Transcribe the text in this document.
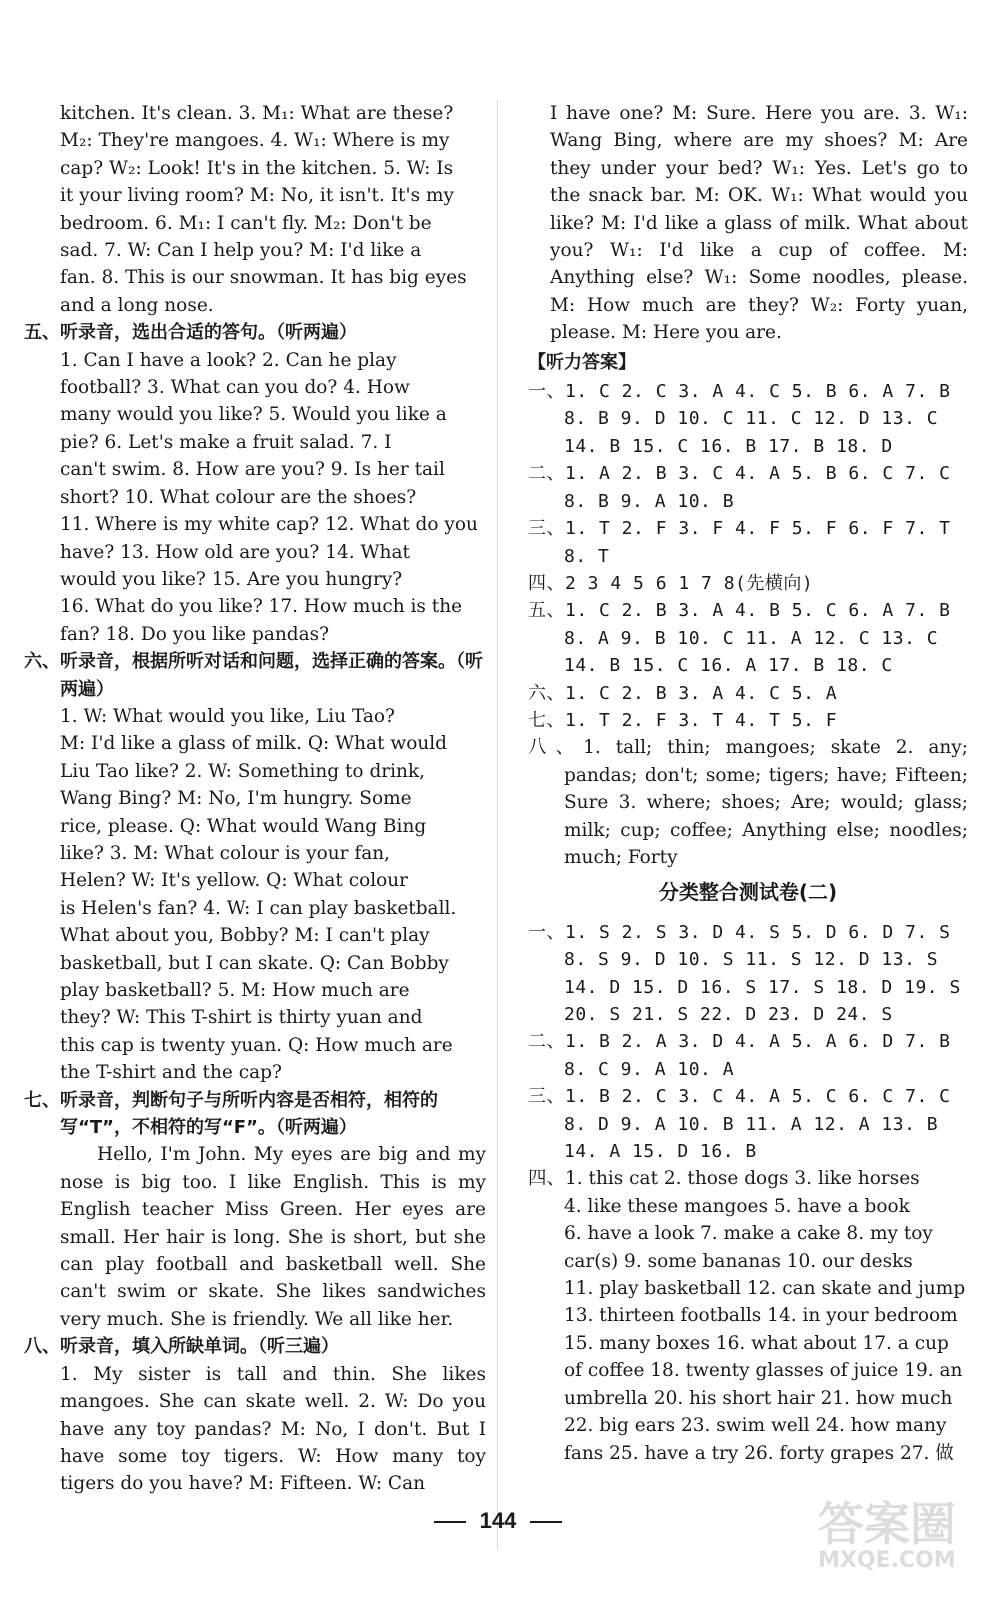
kitchen. It's clean. 3. M₁: What are these?

M₂: They're mangoes. 4. W₁: Where is my

cap? W₂: Look! It's in the kitchen. 5. W: Is

it your living room? M: No, it isn't. It's my

bedroom. 6. M₁: I can't fly. M₂: Don't be

sad. 7. W: Can I help you? M: I'd like a

fan. 8. This is our snowman. It has big eyes

and a long nose.

五、听录音，选出合适的答句。（听两遍）

1. Can I have a look? 2. Can he play

football? 3. What can you do? 4. How

many would you like? 5. Would you like a

pie? 6. Let's make a fruit salad. 7. I

can't swim. 8. How are you? 9. Is her tail

short? 10. What colour are the shoes?

11. Where is my white cap? 12. What do you

have? 13. How old are you? 14. What

would you like? 15. Are you hungry?

16. What do you like? 17. How much is the

fan? 18. Do you like pandas?

六、听录音，根据所听对话和问题，选择正确的答案。（听两遍）

1. W: What would you like, Liu Tao?

M: I'd like a glass of milk. Q: What would

Liu Tao like? 2. W: Something to drink,

Wang Bing? M: No, I'm hungry. Some

rice, please. Q: What would Wang Bing

like? 3. M: What colour is your fan,

Helen? W: It's yellow. Q: What colour

is Helen's fan? 4. W: I can play basketball.

What about you, Bobby? M: I can't play

basketball, but I can skate. Q: Can Bobby

play basketball? 5. M: How much are

they? W: This T-shirt is thirty yuan and

this cap is twenty yuan. Q: How much are

the T-shirt and the cap?

七、听录音，判断句子与所听内容是否相符，相符的写“T”，不相符的写“F”。（听两遍）

Hello, I'm John. My eyes are big and my nose is big too. I like English. This is my English teacher Miss Green. Her eyes are small. Her hair is long. She is short, but she can play football and basketball well. She can't swim or skate. She likes sandwiches very much. She is friendly. We all like her.

八、听录音，填入所缺单词。（听三遍）

1. My sister is tall and thin. She likes mangoes. She can skate well. 2. W: Do you have any toy pandas? M: No, I don't. But I have some toy tigers. W: How many toy tigers do you have? M: Fifteen. W: Can

I have one? M: Sure. Here you are. 3. W₁: Wang Bing, where are my shoes? M: Are they under your bed? W₁: Yes. Let's go to the snack bar. M: OK. W₁: What would you like? M: I'd like a glass of milk. What about you? W₁: I'd like a cup of coffee. M: Anything else? W₁: Some noodles, please. M: How much are they? W₂: Forty yuan, please. M: Here you are.

【听力答案】

一、1. C 2. C 3. A 4. C 5. B 6. A 7. B

8. B 9. D 10. C 11. C 12. D 13. C

14. B 15. C 16. B 17. B 18. D

二、1. A 2. B 3. C 4. A 5. B 6. C 7. C

8. B 9. A 10. B

三、1. T 2. F 3. F 4. F 5. F 6. F 7. T

8. T

四、2 3 4 5 6 1 7 8(先横向)

五、1. C 2. B 3. A 4. B 5. C 6. A 7. B

8. A 9. B 10. C 11. A 12. C 13. C

14. B 15. C 16. A 17. B 18. C

六、1. C 2. B 3. A 4. C 5. A

七、1. T 2. F 3. T 4. T 5. F

八、1. tall; thin; mangoes; skate 2. any; pandas; don't; some; tigers; have; Fifteen; Sure 3. where; shoes; Are; would; glass; milk; cup; coffee; Anything else; noodles; much; Forty

分类整合测试卷(二)

一、1. S 2. S 3. D 4. S 5. D 6. D 7. S

8. S 9. D 10. S 11. S 12. D 13. S

14. D 15. D 16. S 17. S 18. D 19. S

20. S 21. S 22. D 23. D 24. S

二、1. B 2. A 3. D 4. A 5. A 6. D 7. B

8. C 9. A 10. A

三、1. B 2. C 3. C 4. A 5. C 6. C 7. C

8. D 9. A 10. B 11. A 12. A 13. B

14. A 15. D 16. B

四、1. this cat 2. those dogs 3. like horses

4. like these mangoes 5. have a book

6. have a look 7. make a cake 8. my toy

car(s) 9. some bananas 10. our desks

11. play basketball 12. can skate and jump

13. thirteen footballs 14. in your bedroom

15. many boxes 16. what about 17. a cup

of coffee 18. twenty glasses of juice 19. an

umbrella 20. his short hair 21. how much

22. big ears 23. swim well 24. how many

fans 25. have a try 26. forty grapes 27. 做

144	答案圈
MXQE.COM
